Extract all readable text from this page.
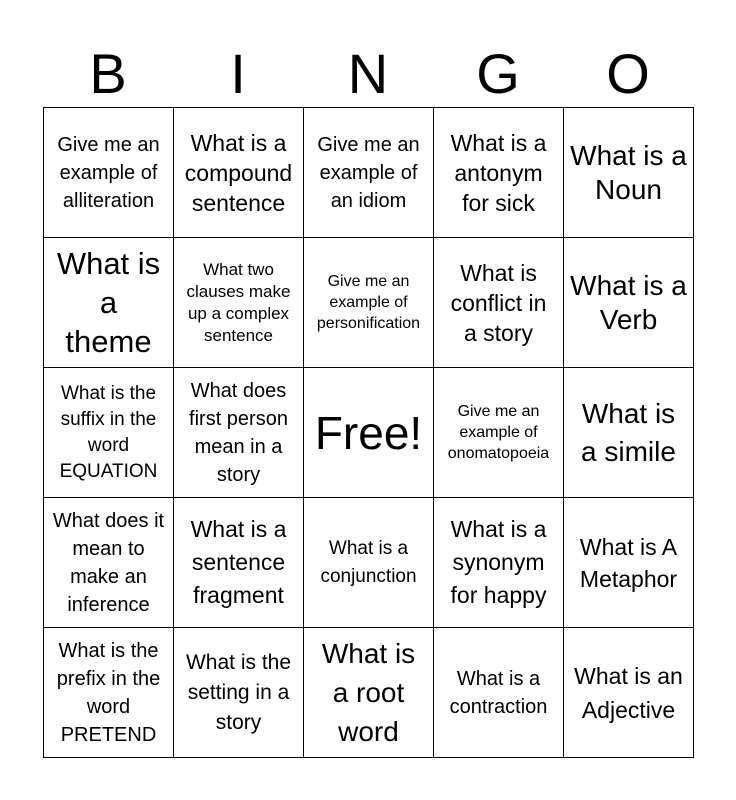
B	I	N	G	O
Give me an example of alliteration
What is a compound sentence
Give me an example of an idiom
What is a antonym for sick
What is a Noun
What is a theme
What two clauses make up a complex sentence
Give me an example of personification
What is conflict in a story
What is a Verb
What is the suffix in the word EQUATION
What does first person mean in a story
Free!	Give me an example of onomatopoeia
What is a simile
What does it mean to make an inference
What is a sentence fragment
What is a conjunction
What is a synonym for happy
What is A Metaphor
What is the prefix in the word PRETEND
What is the setting in a story
What is a root word
What is a contraction
What is an Adjective
